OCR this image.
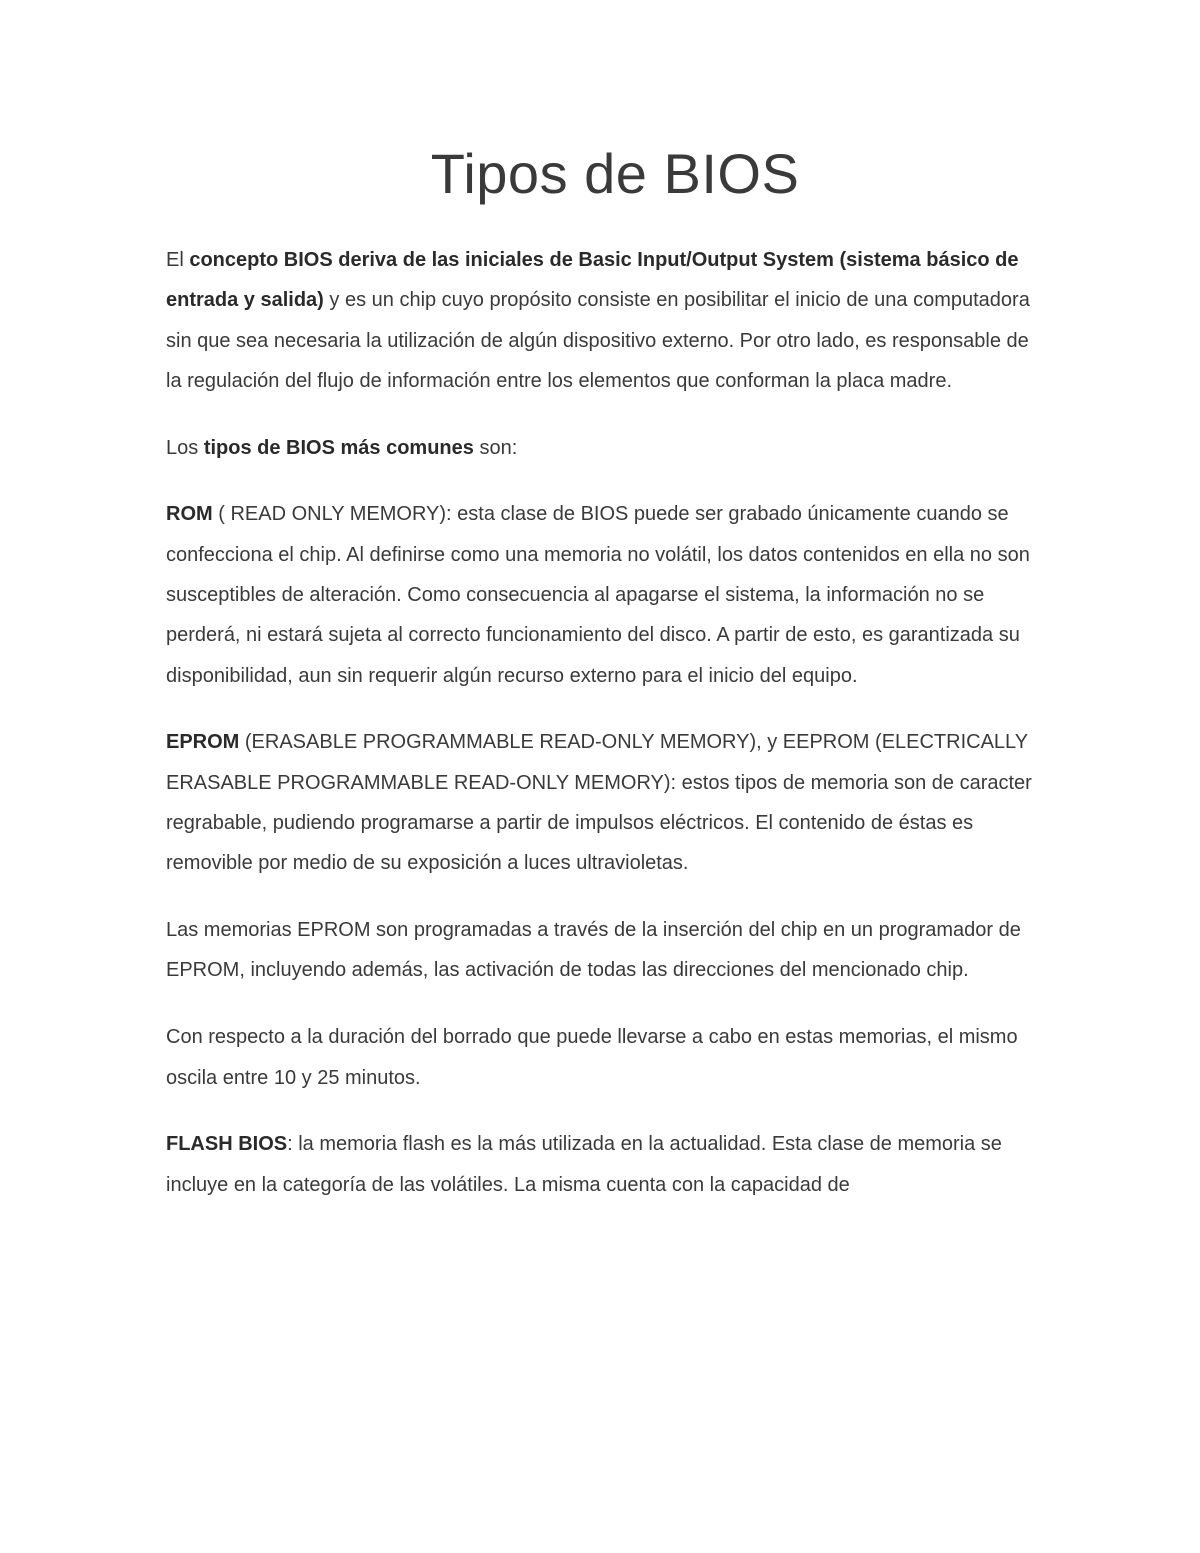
Tipos de BIOS

El concepto BIOS deriva de las iniciales de Basic Input/Output System (sistema básico de entrada y salida) y es un chip cuyo propósito consiste en posibilitar el inicio de una computadora sin que sea necesaria la utilización de algún dispositivo externo. Por otro lado, es responsable de la regulación del flujo de información entre los elementos que conforman la placa madre.

Los tipos de BIOS más comunes son:

ROM ( READ ONLY MEMORY): esta clase de BIOS puede ser grabado únicamente cuando se confecciona el chip. Al definirse como una memoria no volátil, los datos contenidos en ella no son susceptibles de alteración. Como consecuencia al apagarse el sistema, la información no se perderá, ni estará sujeta al correcto funcionamiento del disco. A partir de esto, es garantizada su disponibilidad, aun sin requerir algún recurso externo para el inicio del equipo.

EPROM (ERASABLE PROGRAMMABLE READ-ONLY MEMORY), y EEPROM (ELECTRICALLY ERASABLE PROGRAMMABLE READ-ONLY MEMORY): estos tipos de memoria son de caracter regrabable, pudiendo programarse a partir de impulsos eléctricos. El contenido de éstas es removible por medio de su exposición a luces ultravioletas.

Las memorias EPROM son programadas a través de la inserción del chip en un programador de EPROM, incluyendo además, las activación de todas las direcciones del mencionado chip.

Con respecto a la duración del borrado que puede llevarse a cabo en estas memorias, el mismo oscila entre 10 y 25 minutos.

FLASH BIOS: la memoria flash es la más utilizada en la actualidad. Esta clase de memoria se incluye en la categoría de las volátiles. La misma cuenta con la capacidad de
